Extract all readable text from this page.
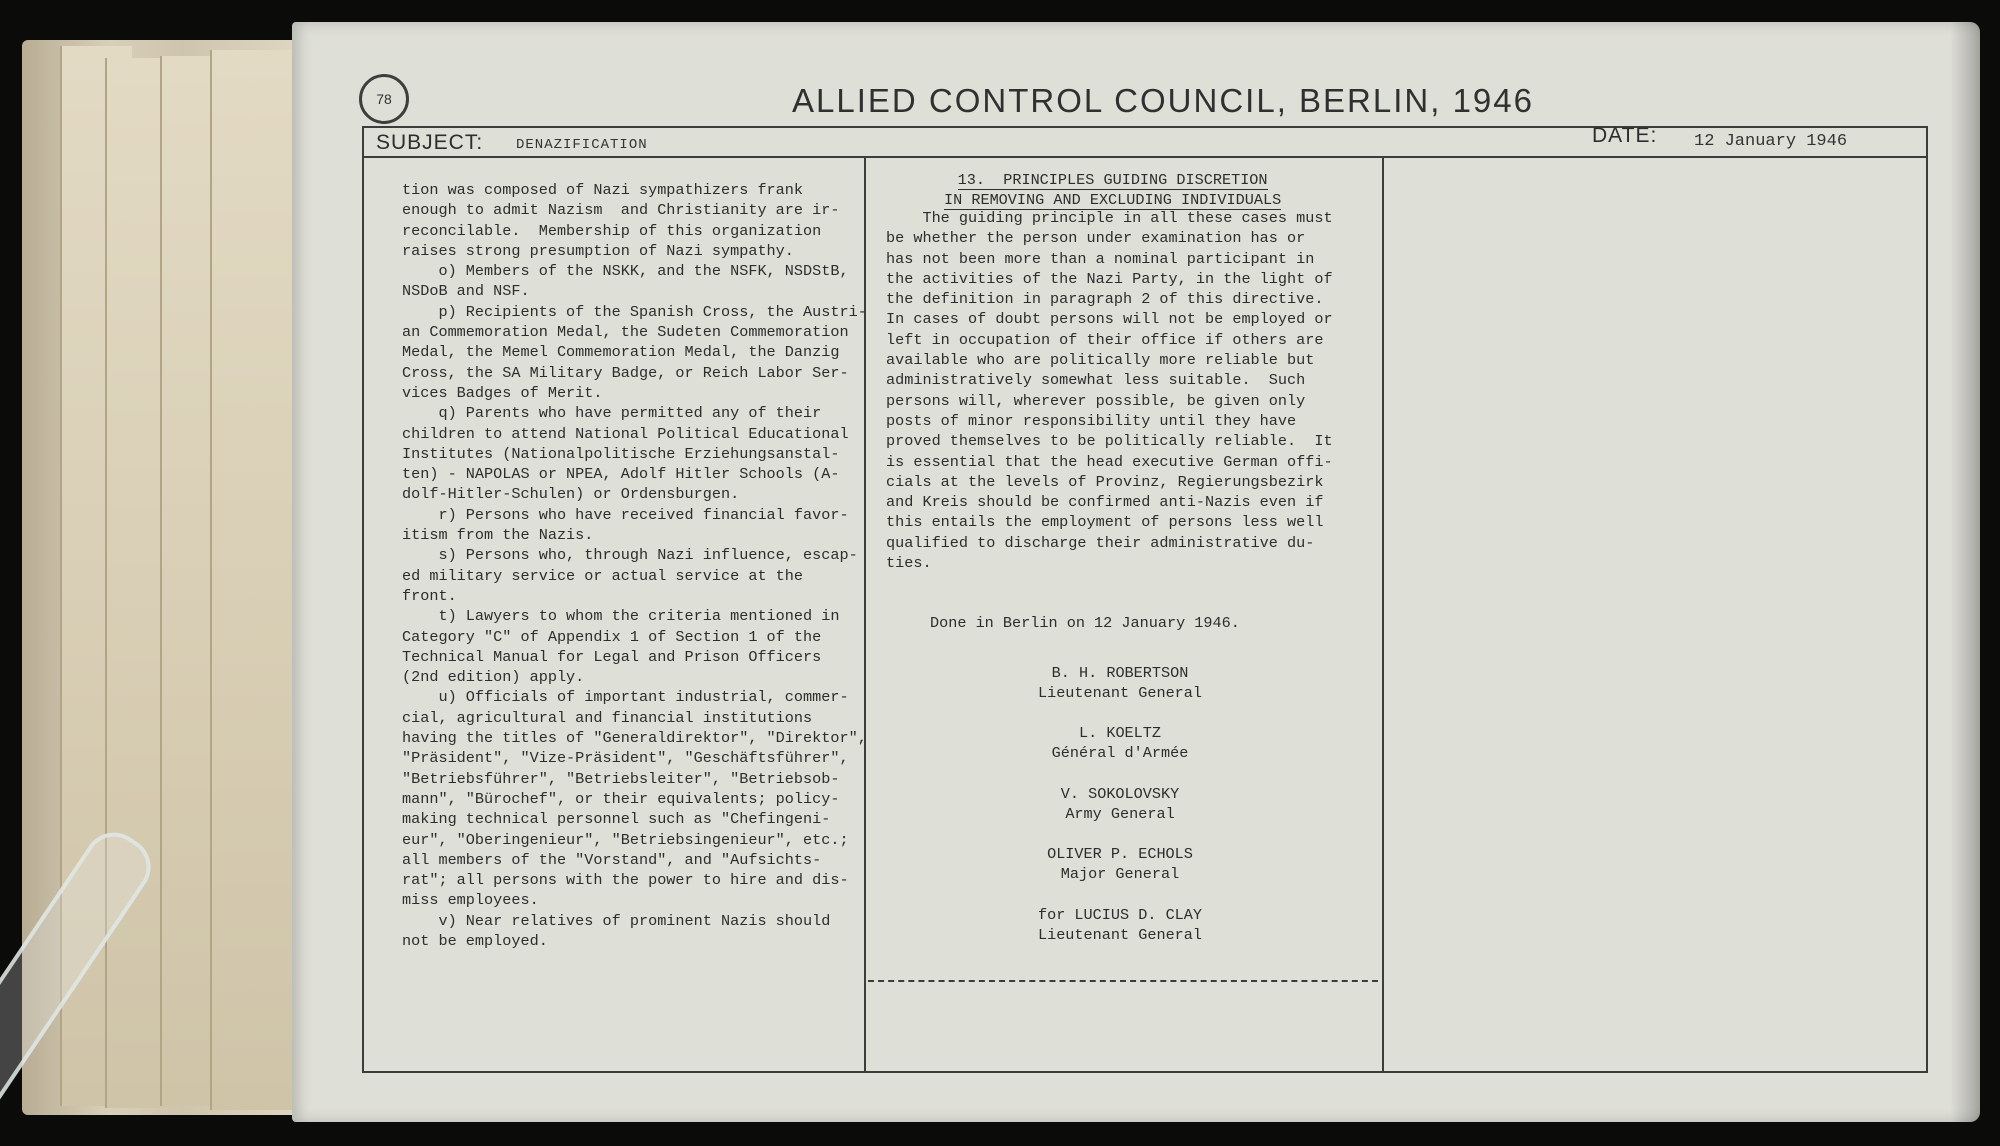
78	ALLIED CONTROL COUNCIL, BERLIN, 1946
SUBJECT: DENAZIFICATION	DATE: 12 January 1946
tion was composed of Nazi sympathizers frank
enough to admit Nazism  and Christianity are ir-
reconcilable.  Membership of this organization
raises strong presumption of Nazi sympathy.
o) Members of the NSKK, and the NSFK, NSDStB,
NSDoB and NSF.
p) Recipients of the Spanish Cross, the Austri-
an Commemoration Medal, the Sudeten Commemoration
Medal, the Memel Commemoration Medal, the Danzig
Cross, the SA Military Badge, or Reich Labor Ser-
vices Badges of Merit.
q) Parents who have permitted any of their
children to attend National Political Educational
Institutes (Nationalpolitische Erziehungsanstal-
ten) - NAPOLAS or NPEA, Adolf Hitler Schools (A-
dolf-Hitler-Schulen) or Ordensburgen.
r) Persons who have received financial favor-
itism from the Nazis.
s) Persons who, through Nazi influence, escap-
ed military service or actual service at the
front.
t) Lawyers to whom the criteria mentioned in
Category "C" of Appendix 1 of Section 1 of the
Technical Manual for Legal and Prison Officers
(2nd edition) apply.
u) Officials of important industrial, commer-
cial, agricultural and financial institutions
having the titles of "Generaldirektor", "Direktor",
"Präsident", "Vize-Präsident", "Geschäftsführer",
"Betriebsführer", "Betriebsleiter", "Betriebsob-
mann", "Bürochef", or their equivalents; policy-
making technical personnel such as "Chefingeni-
eur", "Oberingenieur", "Betriebsingenieur", etc.;
all members of the "Vorstand", and "Aufsichts-
rat"; all persons with the power to hire and dis-
miss employees.
v) Near relatives of prominent Nazis should
not be employed.
13.  PRINCIPLES GUIDING DISCRETION
IN REMOVING AND EXCLUDING INDIVIDUALS
The guiding principle in all these cases must
be whether the person under examination has or
has not been more than a nominal participant in
the activities of the Nazi Party, in the light of
the definition in paragraph 2 of this directive.
In cases of doubt persons will not be employed or
left in occupation of their office if others are
available who are politically more reliable but
administratively somewhat less suitable.  Such
persons will, wherever possible, be given only
posts of minor responsibility until they have
proved themselves to be politically reliable.  It
is essential that the head executive German offi-
cials at the levels of Provinz, Regierungsbezirk
and Kreis should be confirmed anti-Nazis even if
this entails the employment of persons less well
qualified to discharge their administrative du-
ties.
Done in Berlin on 12 January 1946.
B. H. ROBERTSON
Lieutenant General
L. KOELTZ
Général d'Armée
V. SOKOLOVSKY
Army General
OLIVER P. ECHOLS
Major General
for LUCIUS D. CLAY
Lieutenant General
